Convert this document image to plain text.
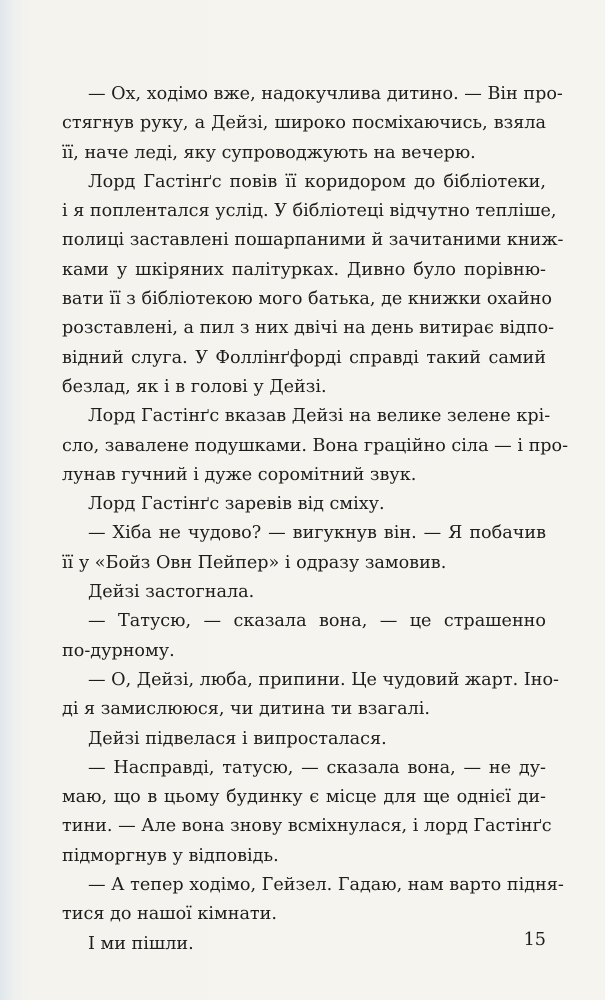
— Ох, ходімо вже, надокучлива дитино. — Він про-
стягнув руку, а Дейзі, широко посміхаючись, взяла
її, наче леді, яку супроводжують на вечерю.
Лорд Гастінґс повів її коридором до бібліотеки,
і я поплентался услід. У бібліотеці відчутно тепліше,
полиці заставлені пошарпаними й зачитаними книж-
ками у шкіряних палітурках. Дивно було порівню-
вати її з бібліотекою мого батька, де книжки охайно
розставлені, а пил з них двічі на день витирає відпо-
відний слуга. У Фоллінґфорді справді такий самий
безлад, як і в голові у Дейзі.
Лорд Гастінґс вказав Дейзі на велике зелене крі-
сло, завалене подушками. Вона граційно сіла — і про-
лунав гучний і дуже соромітний звук.
Лорд Гастінґс заревів від сміху.
— Хіба не чудово? — вигукнув він. — Я побачив
її у «Бойз Овн Пейпер» і одразу замовив.
Дейзі застогнала.
— Татусю, — сказала вона, — це страшенно
по-дурному.
— О, Дейзі, люба, припини. Це чудовий жарт. Іно-
ді я замислююся, чи дитина ти взагалі.
Дейзі підвелася і випросталася.
— Насправді, татусю, — сказала вона, — не ду-
маю, що в цьому будинку є місце для ще однієї ди-
тини. — Але вона знову всміхнулася, і лорд Гастінґс
підморгнув у відповідь.
— А тепер ходімо, Гейзел. Гадаю, нам варто підня-
тися до нашої кімнати.
І ми пішли.	15
